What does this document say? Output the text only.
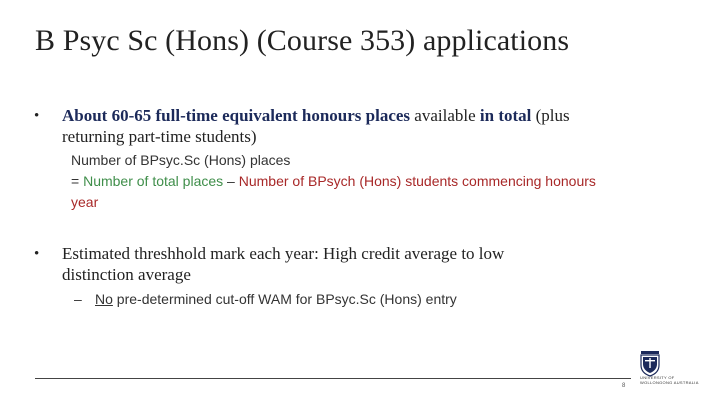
B Psyc Sc (Hons) (Course 353) applications
• About 60-65 full-time equivalent honours places available in total (plus returning part-time students)
Number of BPsyc.Sc (Hons) places
= Number of total places – Number of BPsych (Hons) students commencing honours year
• Estimated threshhold mark each year: High credit average to low distinction average
– No pre-determined cut-off WAM for BPsyc.Sc (Hons) entry
8
UNIVERSITY OF WOLLONGONG AUSTRALIA
